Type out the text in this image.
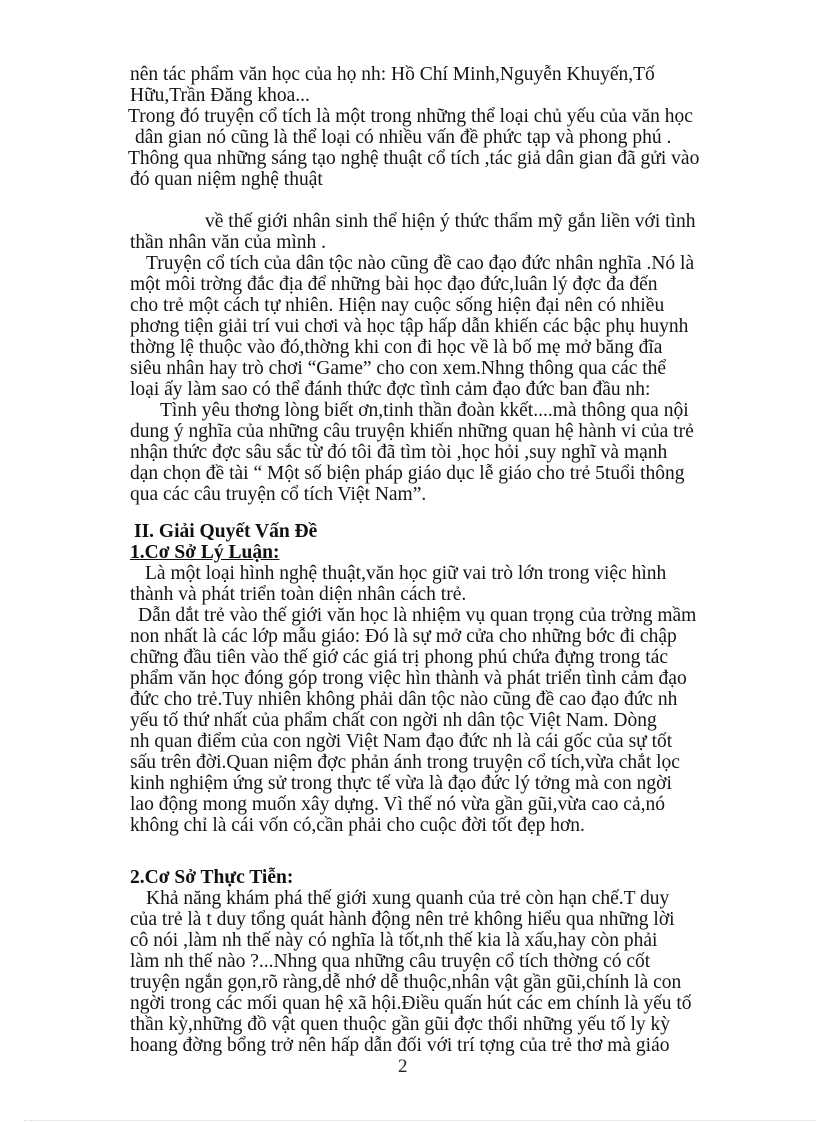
nên tác phẩm văn học của họ nh: Hồ Chí Minh,Nguyễn Khuyến,Tố

Hữu,Trần Đăng khoa...

Trong đó truyện cổ tích là một trong những thể loại chủ yếu của văn học

dân gian nó cũng là thể loại có nhiều vấn đề phức tạp và phong phú .

Thông qua những sáng tạo nghệ thuật cổ tích ,tác giả dân gian đã gửi vào

đó quan niệm nghệ thuật

về thế giới nhân sinh thể hiện ý thức thẩm mỹ gắn liền với tình

thần nhân văn của mình .

Truyện cổ tích của dân tộc nào cũng đề cao đạo đức nhân nghĩa .Nó là

một môi trờng đắc địa để những bài học đạo đức,luân lý đợc đa đến

cho trẻ một cách tự nhiên. Hiện nay cuộc sống hiện đại nên có nhiều

phơng tiện giải trí vui chơi và học tập hấp dẫn khiến các bậc phụ huynh

thờng lệ thuộc vào đó,thờng khi con đi học về là bố mẹ mở băng đĩa

siêu nhân hay trò chơi “Game” cho con xem.Nhng thông qua các thể

loại ấy làm sao có thể đánh thức đợc tình cảm đạo đức ban đầu nh:

Tình yêu thơng lòng biết ơn,tinh thần đoàn kkết....mà thông qua nội

dung ý nghĩa của những câu truyện khiến những quan hệ hành vi của trẻ

nhận thức đợc sâu sắc từ đó tôi đã tìm tòi ,học hỏi ,suy nghĩ và mạnh

dạn chọn đề tài “ Một số biện pháp giáo dục lễ giáo cho trẻ 5tuổi thông

qua các câu truyện cổ tích Việt Nam”.

II. Giải Quyết Vấn Đề

1.Cơ Sở Lý Luận:

Là một loại hình nghệ thuật,văn học giữ vai trò lớn trong việc hình

thành và phát triển toàn diện nhân cách trẻ.

Dẫn dắt trẻ vào thế giới văn học là nhiệm vụ quan trọng của trờng mầm

non nhất là các lớp mẫu giáo: Đó là sự mở cửa cho những bớc đi chập

chững đầu tiên vào thế giớ các giá trị phong phú chứa đựng trong tác

phẩm văn học đóng góp trong việc hìn thành và phát triển tình cảm đạo

đức cho trẻ.Tuy nhiên không phải dân tộc nào cũng đề cao đạo đức nh

yếu tố thứ nhất của phẩm chất con ngời nh dân tộc Việt Nam. Dòng

nh quan điểm của con ngời Việt Nam đạo đức nh là cái gốc của sự tốt

sấu trên đời.Quan niệm đợc phản ánh trong truyện cổ tích,vừa chắt lọc

kinh nghiệm ứng sử trong thực tế vừa là đạo đức lý tởng mà con ngời

lao động mong muốn xây dựng. Vì thế nó vừa gần gũi,vừa cao cả,nó

không chỉ là cái vốn có,cần phải cho cuộc đời tốt đẹp hơn.

2.Cơ Sở Thực Tiễn:

Khả năng khám phá thế giới xung quanh của trẻ còn hạn chế.T duy

của trẻ là t duy tổng quát hành động nên trẻ không hiểu qua những lời

cô nói ,làm nh thế này có nghĩa là tốt,nh thế kia là xấu,hay còn phải

làm nh thế nào ?...Nhng qua những câu truyện cổ tích thờng có cốt

truyện ngắn gọn,rõ ràng,dễ nhớ dễ thuộc,nhân vật gần gũi,chính là con

ngời trong các mối quan hệ xã hội.Điều quấn hút các em chính là yếu tố

thần kỳ,những đồ vật quen thuộc gần gũi đợc thổi những yếu tố ly kỳ

hoang đờng bổng trở nên hấp dẫn đối với trí tợng của trẻ thơ mà giáo

2
